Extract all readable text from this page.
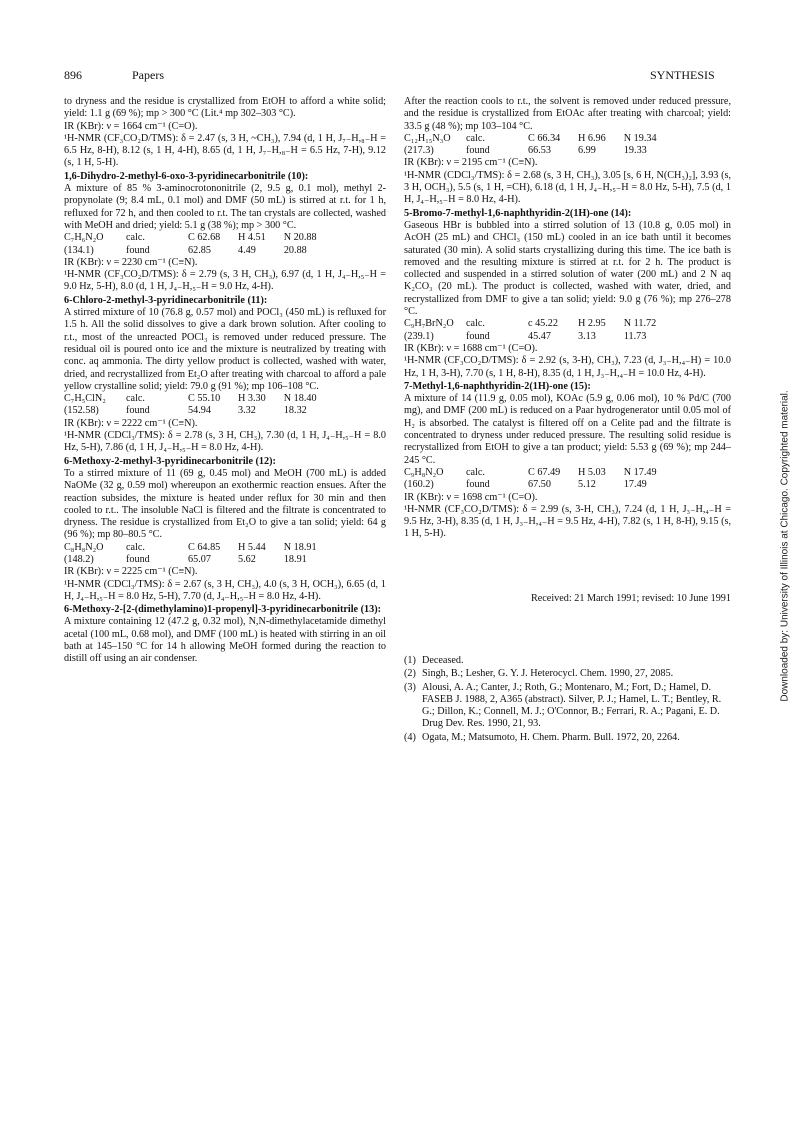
896	Papers	SYNTHESIS

to dryness and the residue is crystallized from EtOH to afford a white solid; yield: 1.1 g (69 %); mp > 300 °C (Lit.⁴ mp 302–303 °C).

IR (KBr): ν = 1664 cm⁻¹ (C=O).

¹H-NMR (CF₃CO₂D/TMS): δ = 2.47 (s, 3 H, ~CH₃), 7.94 (d, 1 H, J₇₋H,₈₋H = 6.5 Hz, 8-H), 8.12 (s, 1 H, 4-H), 8.65 (d, 1 H, J₇₋H,₈₋H = 6.5 Hz, 7-H), 9.12 (s, 1 H, 5-H).

1,6-Dihydro-2-methyl-6-oxo-3-pyridinecarbonitrile (10):

A mixture of 85 % 3-aminocrotononitrile (2, 9.5 g, 0.1 mol), methyl 2-propynolate (9; 8.4 mL, 0.1 mol) and DMF (50 mL) is stirred at r.t. for 1 h, refluxed for 72 h, and then cooled to r.t. The tan crystals are collected, washed with MeOH and dried; yield: 5.1 g (38 %); mp > 300 °C.

C₇H₆N₂O	calc.	C 62.68	H 4.51 N 20.88
(134.1)	found	62.85	4.49	20.88

IR (KBr): ν = 2230 cm⁻¹ (C≡N).

¹H-NMR (CF₃CO₂D/TMS): δ = 2.79 (s, 3 H, CH₃), 6.97 (d, 1 H, J₄₋H,₅₋H = 9.0 Hz, 5-H), 8.0 (d, 1 H, J₄₋H,₅₋H = 9.0 Hz, 4-H).

6-Chloro-2-methyl-3-pyridinecarbonitrile (11):

A stirred mixture of 10 (76.8 g, 0.57 mol) and POCl₃ (450 mL) is refluxed for 1.5 h. All the solid dissolves to give a dark brown solution. After cooling to r.t., most of the unreacted POCl₃ is removed under reduced pressure. The residual oil is poured onto ice and the mixture is neutralized by treating with conc. aq ammonia. The dirty yellow product is collected, washed with water, dried, and recrystallized from Et₂O after treating with charcoal to afford a pale yellow crystalline solid; yield: 79.0 g (91 %); mp 106–108 °C.

C₇H₅ClN₂	calc.	C 55.10	H 3.30 N 18.40
(152.58)	found	54.94	3.32	18.32

IR (KBr): ν = 2222 cm⁻¹ (C≡N).

¹H-NMR (CDCl₃/TMS): δ = 2.78 (s, 3 H, CH₃), 7.30 (d, 1 H, J₄₋H,₅₋H = 8.0 Hz, 5-H), 7.86 (d, 1 H, J₄₋H,₅₋H = 8.0 Hz, 4-H).

6-Methoxy-2-methyl-3-pyridinecarbonitrile (12):

To a stirred mixture of 11 (69 g, 0.45 mol) and MeOH (700 mL) is added NaOMe (32 g, 0.59 mol) whereupon an exothermic reaction ensues. After the reaction subsides, the mixture is heated under reflux for 30 min and then cooled to r.t.. The insoluble NaCl is filtered and the filtrate is concentrated to dryness. The residue is crystallized from Et₂O to give a tan solid; yield: 64 g (96 %); mp 80–80.5 °C.

C₈H₈N₂O	calc.	C 64.85	H 5.44 N 18.91
(148.2)	found	65.07	5.62	18.91

IR (KBr): ν = 2225 cm⁻¹ (C≡N).

¹H-NMR (CDCl₃/TMS): δ = 2.67 (s, 3 H, CH₃), 4.0 (s, 3 H, OCH₃), 6.65 (d, 1 H, J₄₋H,₅₋H = 8.0 Hz, 5-H), 7.70 (d, J₄₋H,₅₋H = 8.0 Hz, 4-H).

6-Methoxy-2-[2-(dimethylamino)1-propenyl]-3-pyridinecarbonitrile (13):

A mixture containing 12 (47.2 g, 0.32 mol), N,N-dimethylacetamide dimethyl acetal (100 mL, 0.68 mol), and DMF (100 mL) is heated with stirring in an oil bath at 145–150 °C for 14 h allowing MeOH formed during the reaction to distill off using an air condenser.

After the reaction cools to r.t., the solvent is removed under reduced pressure, and the residue is crystallized from EtOAc after treating with charcoal; yield: 33.5 g (48 %); mp 103–104 °C.

C₁₂H₁₅N₃O	calc.	C 66.34	H 6.96 N 19.34
(217.3)	found	66.53	6.99	19.33

IR (KBr): ν = 2195 cm⁻¹ (C≡N).

¹H-NMR (CDCl₃/TMS): δ = 2.68 (s, 3 H, CH₃), 3.05 [s, 6 H, N(CH₃)₂], 3.93 (s, 3 H, OCH₃), 5.5 (s, 1 H, =CH), 6.18 (d, 1 H, J₄₋H,₅₋H = 8.0 Hz, 5-H), 7.5 (d, 1 H, J₄₋H,₅₋H = 8.0 Hz, 4-H).

5-Bromo-7-methyl-1,6-naphthyridin-2(1H)-one (14):

Gaseous HBr is bubbled into a stirred solution of 13 (10.8 g, 0.05 mol) in AcOH (25 mL) and CHCl₃ (150 mL) cooled in an ice bath until it becomes saturated (30 min). A solid starts crystallizing during this time. The ice bath is removed and the resulting mixture is stirred at r.t. for 2 h. The product is collected and suspended in a stirred solution of water (200 mL) and 2 N aq K₂CO₃ (20 mL). The product is collected, washed with water, dried, and recrystallized from DMF to give a tan solid; yield: 9.0 g (76 %); mp 276–278 °C.

C₉H₇BrN₂O	calc.	c 45.22	H 2.95 N 11.72
(239.1)	found	45.47	3.13	11.73

IR (KBr): ν = 1688 cm⁻¹ (C=O).

¹H-NMR (CF₃CO₂D/TMS): δ = 2.92 (s, 3-H), CH₃), 7.23 (d, J₃₋H,₄₋H) = 10.0 Hz, 1 H, 3-H), 7.70 (s, 1 H, 8-H), 8.35 (d, 1 H, J₃₋H,₄₋H = 10.0 Hz, 4-H).

7-Methyl-1,6-naphthyridin-2(1H)-one (15):

A mixture of 14 (11.9 g, 0.05 mol), KOAc (5.9 g, 0.06 mol), 10 % Pd/C (700 mg), and DMF (200 mL) is reduced on a Paar hydrogenerator until 0.05 mol of H₂ is absorbed. The catalyst is filtered off on a Celite pad and the filtrate is concentrated to dryness under reduced pressure. The resulting solid residue is recrystallized from EtOH to give a tan product; yield: 5.53 g (69 %); mp 244–245 °C.

C₉H₈N₂O	calc.	C 67.49	H 5.03 N 17.49
(160.2)	found	67.50	5.12	17.49

IR (KBr): ν = 1698 cm⁻¹ (C=O).

¹H-NMR (CF₃CO₂D/TMS): δ = 2.99 (s, 3-H, CH₃), 7.24 (d, 1 H, J₃₋H,₄₋H = 9.5 Hz, 3-H), 8.35 (d, 1 H, J₃₋H,₄₋H = 9.5 Hz, 4-H), 7.82 (s, 1 H, 8-H), 9.15 (s, 1 H, 5-H).

Received: 21 March 1991; revised: 10 June 1991

(1) Deceased.
(2) Singh, B.; Lesher, G. Y. J. Heterocycl. Chem. 1990, 27, 2085.
(3) Alousi, A. A.; Canter, J.; Roth, G.; Montenaro, M.; Fort, D.; Hamel, D. FASEB J. 1988, 2, A365 (abstract). Silver, P. J.; Hamel, L. T.; Bentley, R. G.; Dillon, K.; Connell, M. J.; O'Connor, B.; Ferrari, R. A.; Pagani, E. D. Drug Dev. Res. 1990, 21, 93.
(4) Ogata, M.; Matsumoto, H. Chem. Pharm. Bull. 1972, 20, 2264.
Downloaded by: University of Illinois at Chicago. Copyrighted material.
